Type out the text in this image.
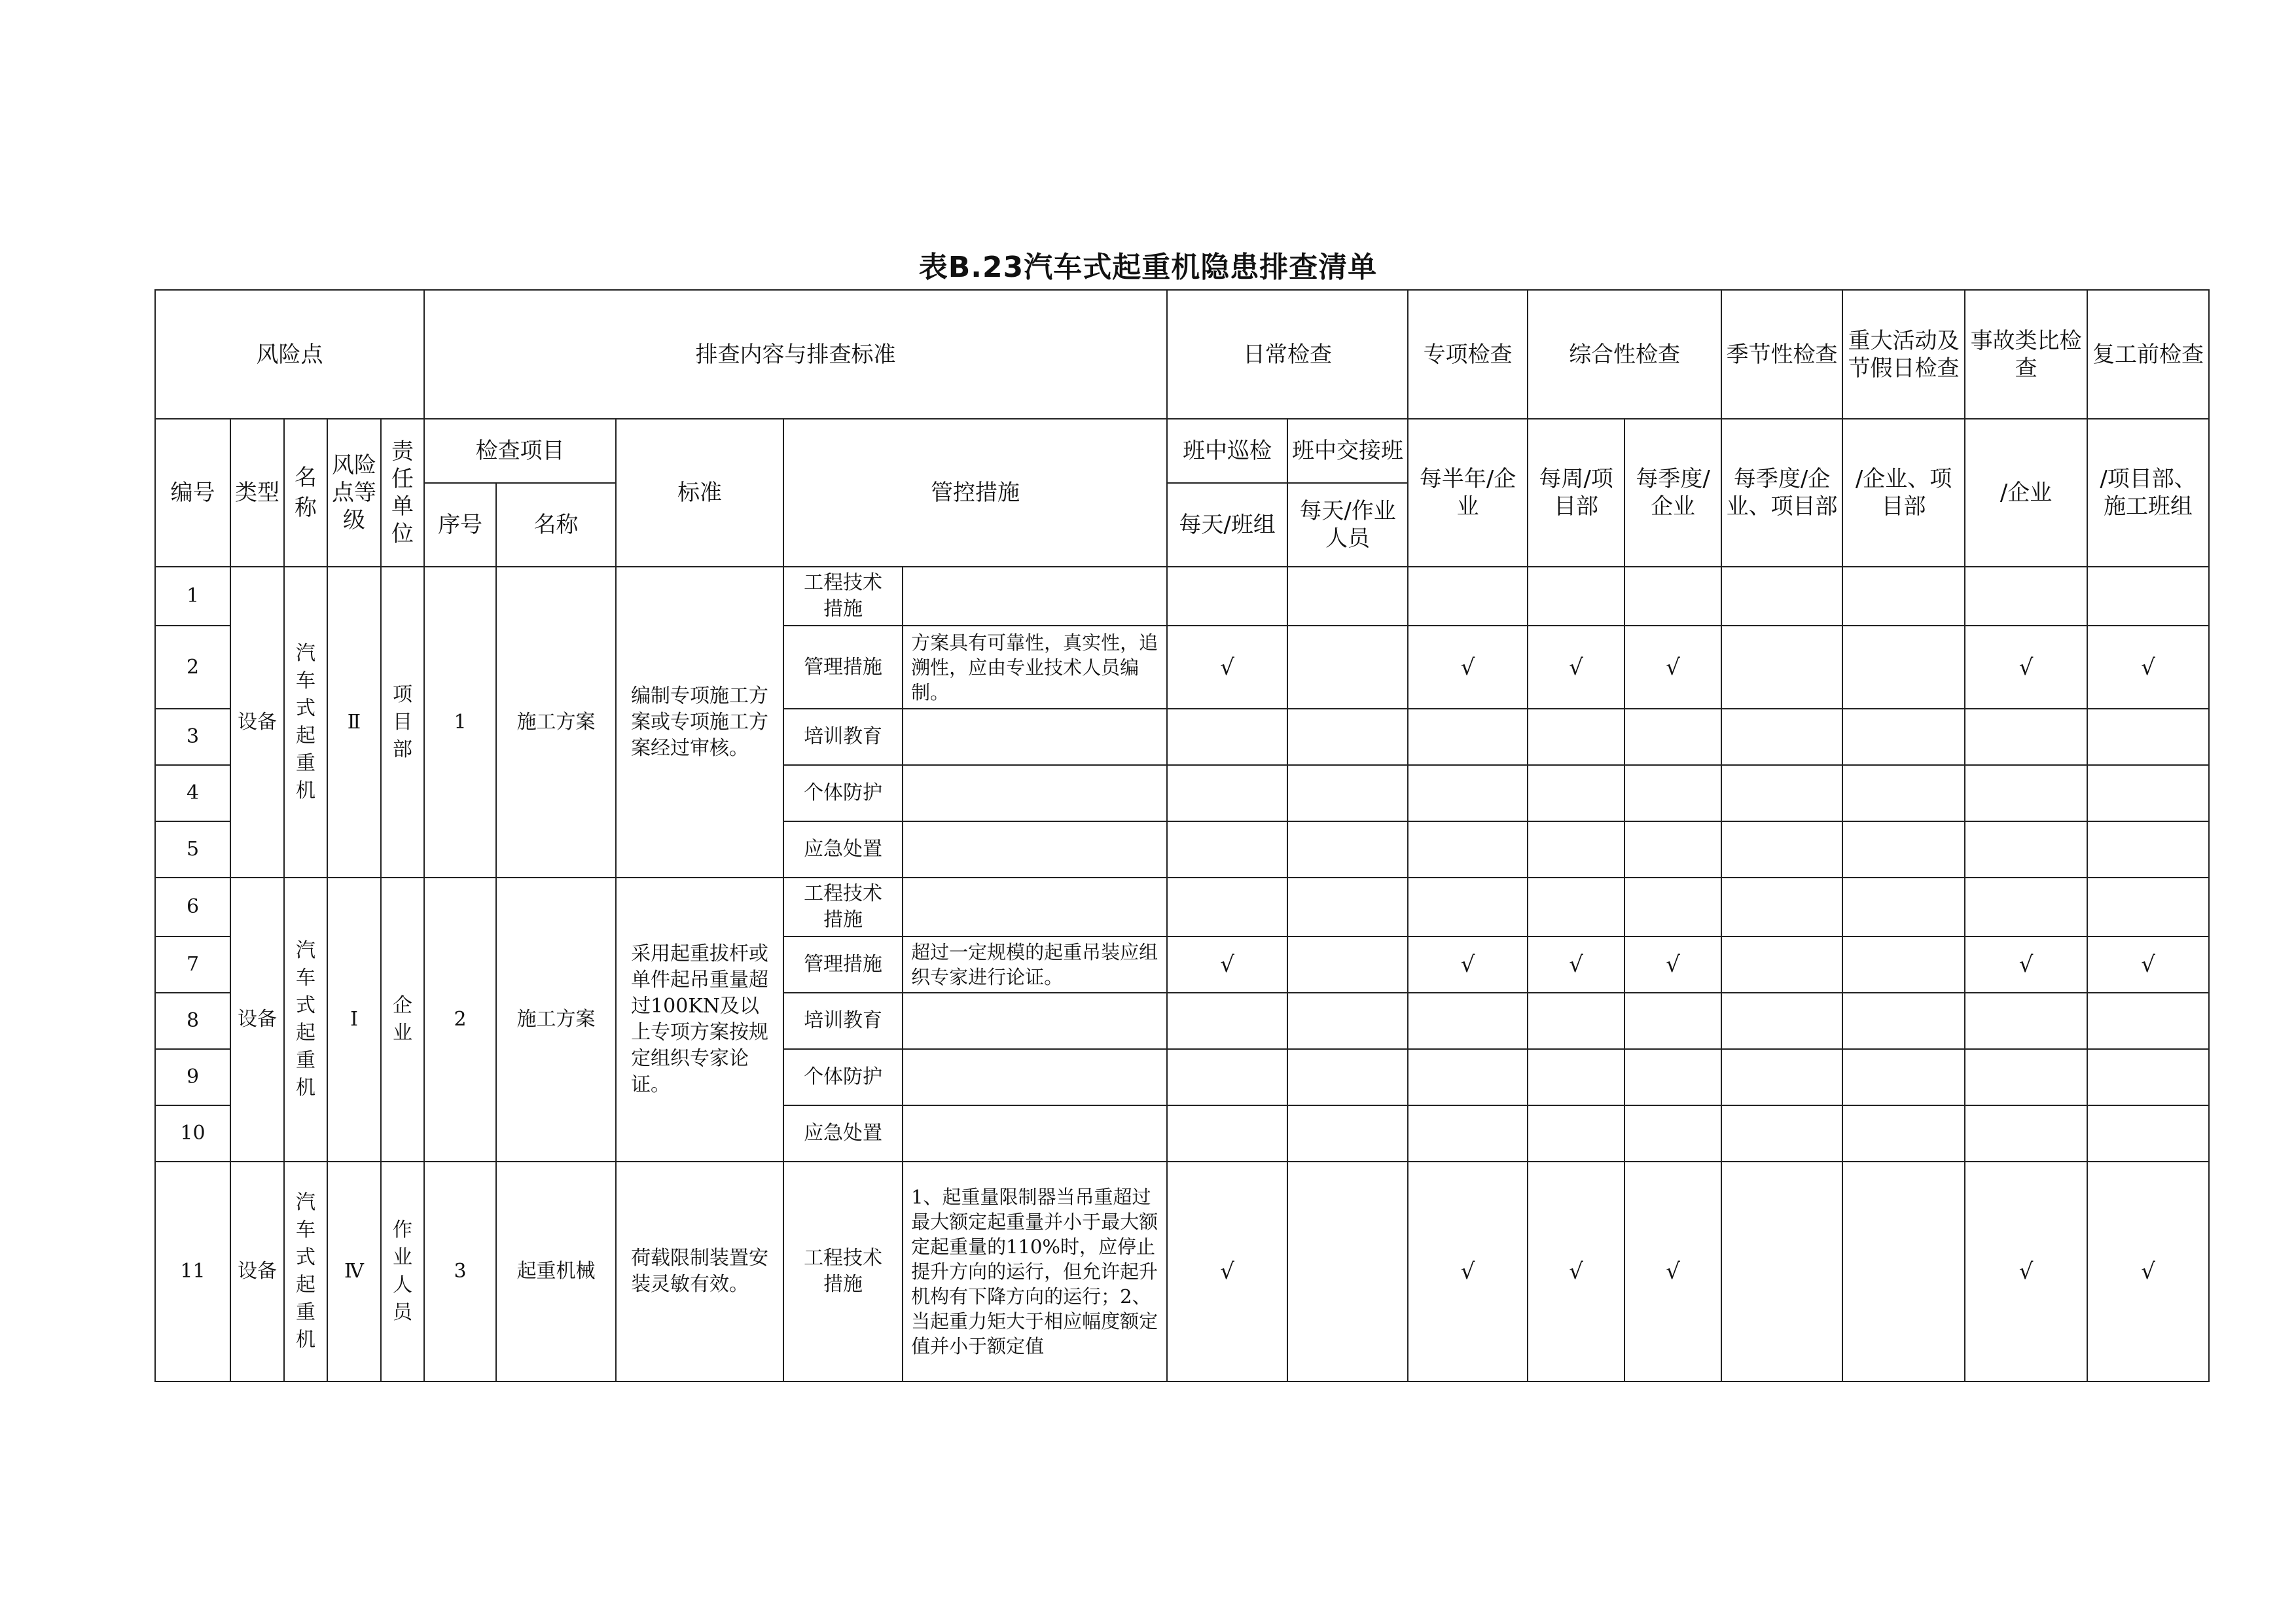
表B.23汽车式起重机隐患排查清单
风险点					排查内容与排查标准					日常检查		专项检查	综合性检查		季节性检查	重大活动及节假日检查	事故类比检查	复工前检查
编号	类型	名称	风险点等级	责任单位	检查项目		标准	管控措施		班中巡检	班中交接班	每半年/企业	每周/项目部	每季度/企业	每季度/企业、项目部	/企业、项目部	/企业	/项目部、施工班组
					序号	名称				每天/班组	每天/作业人员							
1	设备	汽车式起重机	Ⅱ	项目部	1	施工方案	编制专项施工方案或专项施工方案经过审核。	工程技术措施										
2								管理措施	方案具有可靠性，真实性，追溯性，应由专业技术人员编制。	√		√	√	√			√	√
3								培训教育										
4								个体防护										
5								应急处置										
6	设备	汽车式起重机	Ⅰ	企业	2	施工方案	采用起重拔杆或单件起吊重量超过100KN及以上专项方案按规定组织专家论证。	工程技术措施										
7								管理措施	超过一定规模的起重吊装应组织专家进行论证。	√		√	√	√			√	√
8								培训教育										
9								个体防护										
10								应急处置										
11	设备	汽车式起重机	Ⅳ	作业人员	3	起重机械	荷载限制装置安装灵敏有效。	工程技术措施	1、起重量限制器当吊重超过最大额定起重量并小于最大额定起重量的110%时，应停止提升方向的运行，但允许起升机构有下降方向的运行；2、当起重力矩大于相应幅度额定值并小于额定值	√		√	√	√			√	√
